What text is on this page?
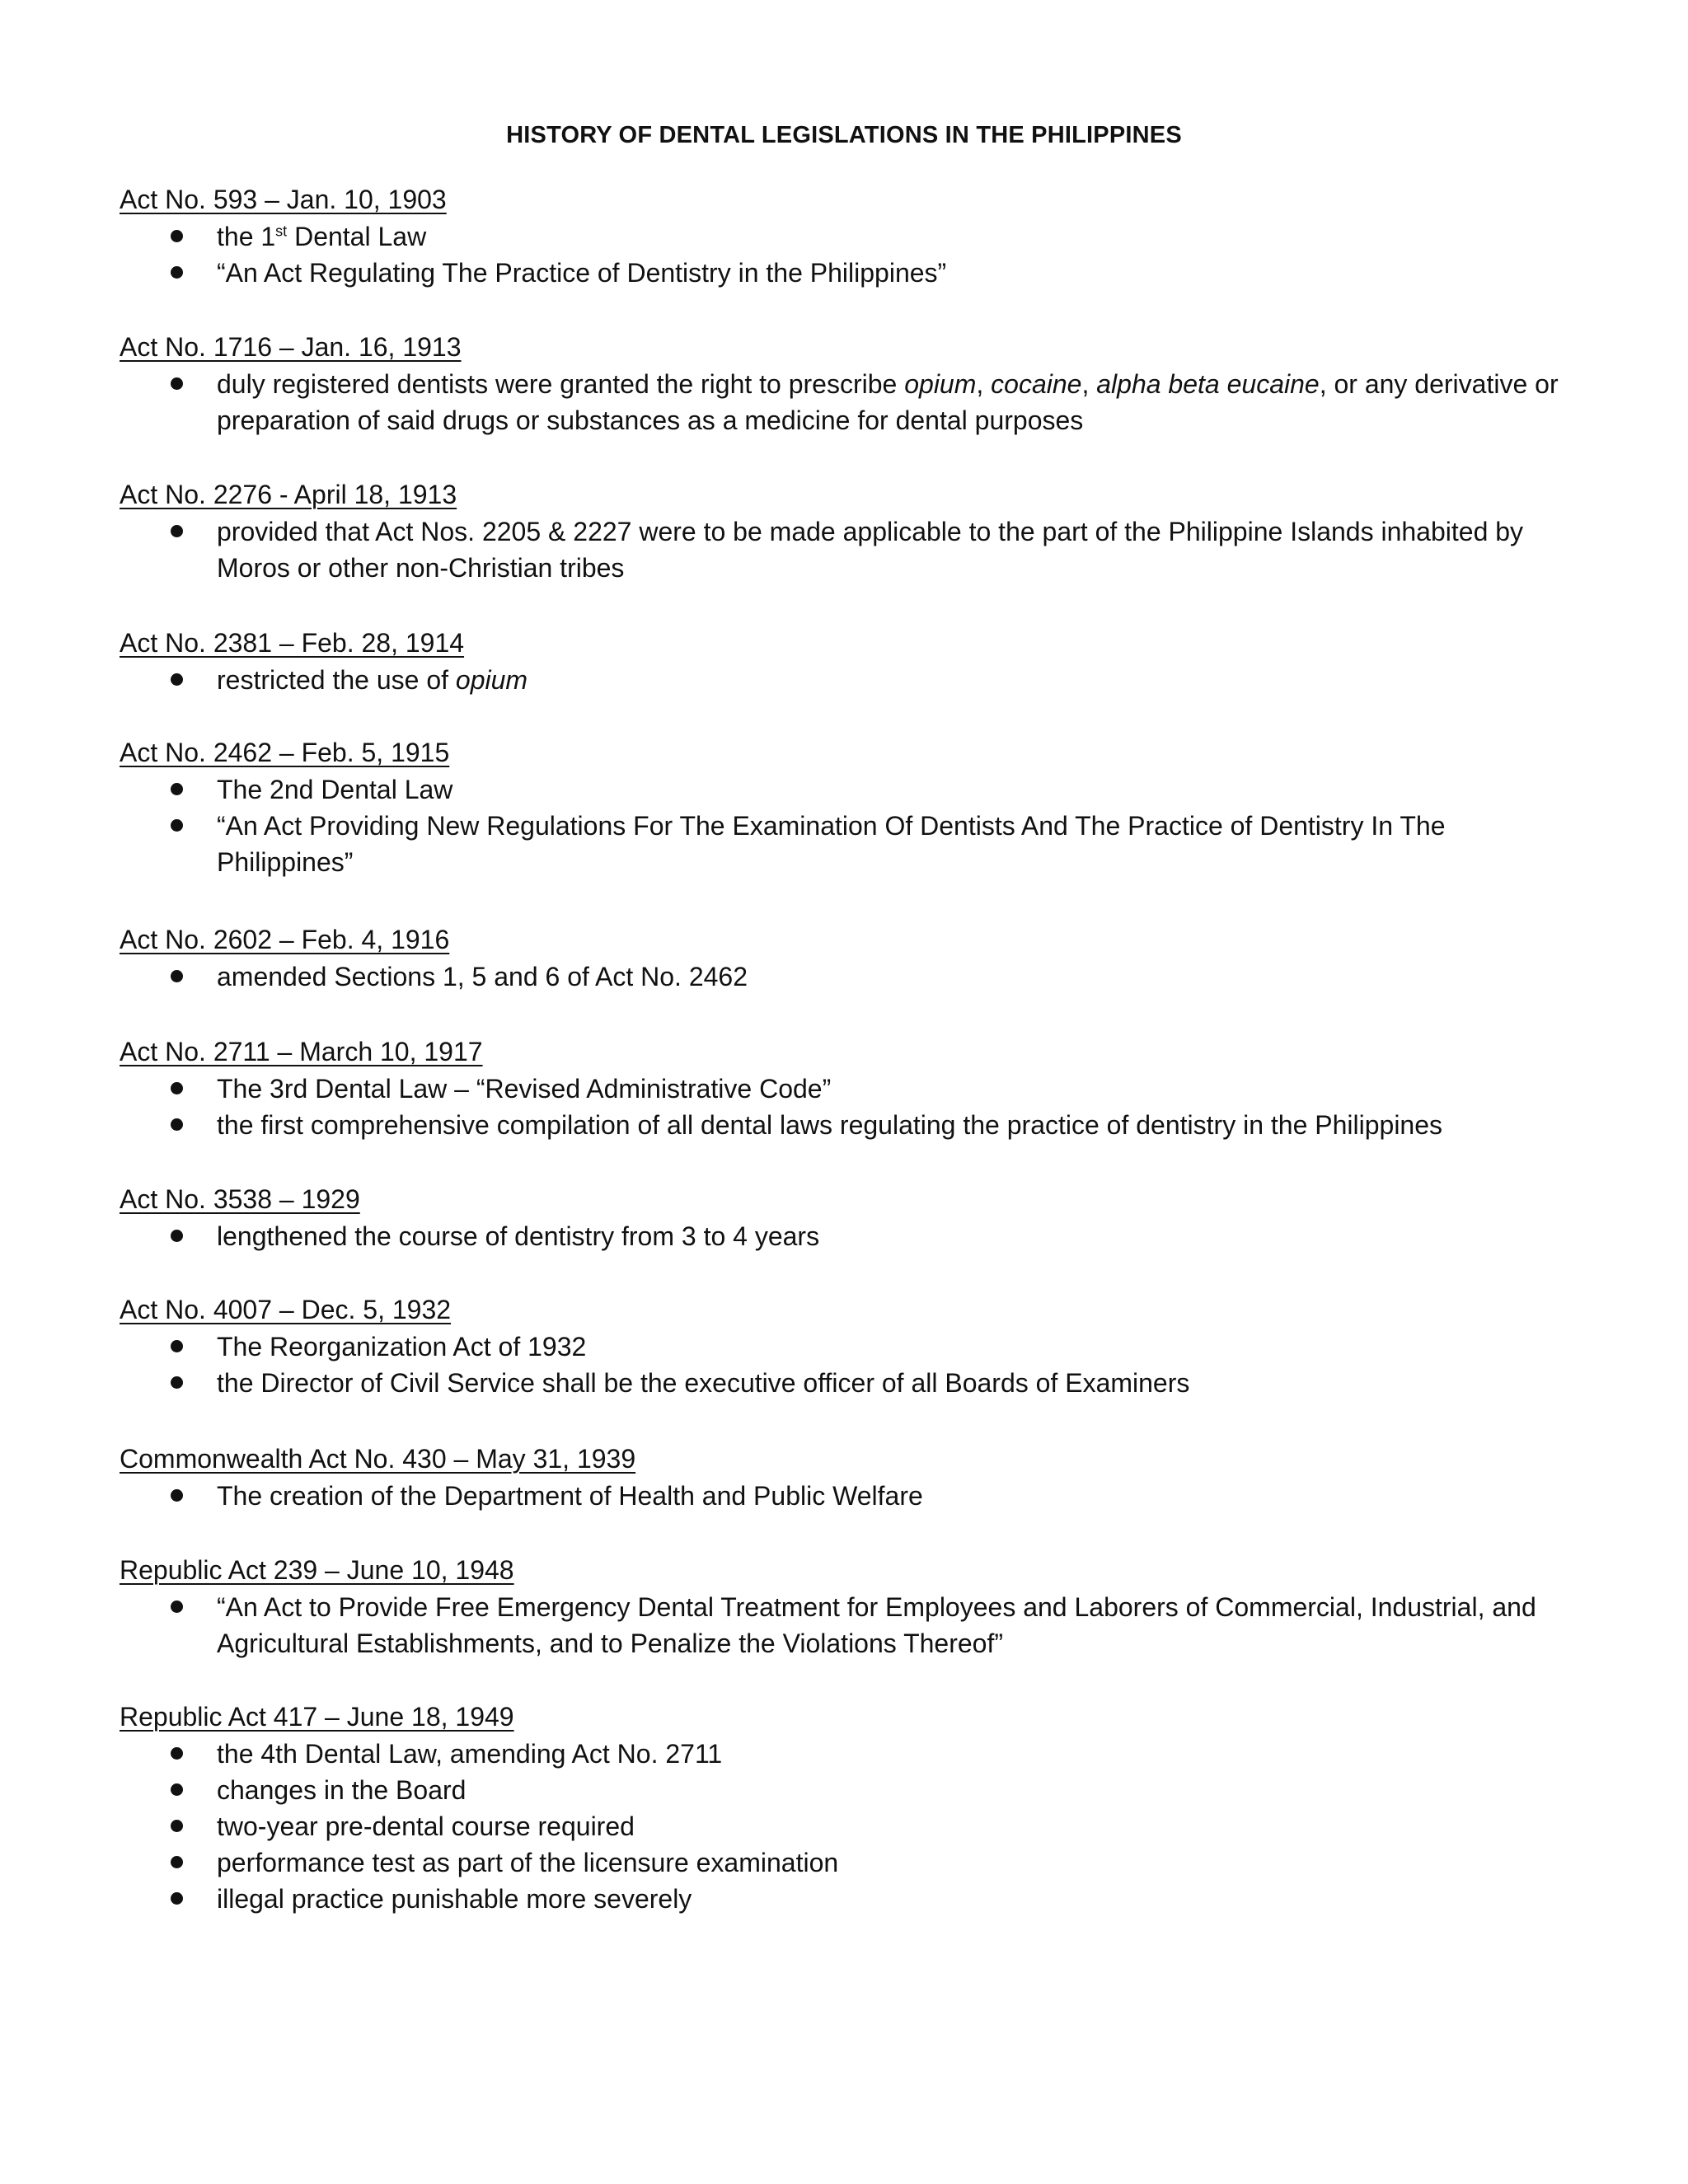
HISTORY OF DENTAL LEGISLATIONS IN THE PHILIPPINES
Act No. 593 – Jan. 10, 1903
the 1st Dental Law
“An Act Regulating The Practice of Dentistry in the Philippines”
Act No. 1716 – Jan. 16, 1913
duly registered dentists were granted the right to prescribe opium, cocaine, alpha beta eucaine, or any derivative or preparation of said drugs or substances as a medicine for dental purposes
Act No. 2276 - April 18, 1913
provided that Act Nos. 2205 & 2227 were to be made applicable to the part of the Philippine Islands inhabited by Moros or other non-Christian tribes
Act No. 2381 – Feb. 28, 1914
restricted the use of opium
Act No. 2462 – Feb. 5, 1915
The 2nd Dental Law
“An Act Providing New Regulations For The Examination Of Dentists And The Practice of Dentistry In The Philippines”
Act No. 2602 – Feb. 4, 1916
amended Sections 1, 5 and 6 of Act No. 2462
Act No. 2711 – March 10, 1917
The 3rd Dental Law – “Revised Administrative Code”
the first comprehensive compilation of all dental laws regulating the practice of dentistry in the Philippines
Act No. 3538 – 1929
lengthened the course of dentistry from 3 to 4 years
Act No. 4007 – Dec. 5, 1932
The Reorganization Act of 1932
the Director of Civil Service shall be the executive officer of all Boards of Examiners
Commonwealth Act No. 430 – May 31, 1939
The creation of the Department of Health and Public Welfare
Republic Act 239 – June 10, 1948
“An Act to Provide Free Emergency Dental Treatment for Employees and Laborers of Commercial, Industrial, and Agricultural Establishments, and to Penalize the Violations Thereof”
Republic Act 417 – June 18, 1949
the 4th Dental Law, amending Act No. 2711
changes in the Board
two-year pre-dental course required
performance test as part of the licensure examination
illegal practice punishable more severely
